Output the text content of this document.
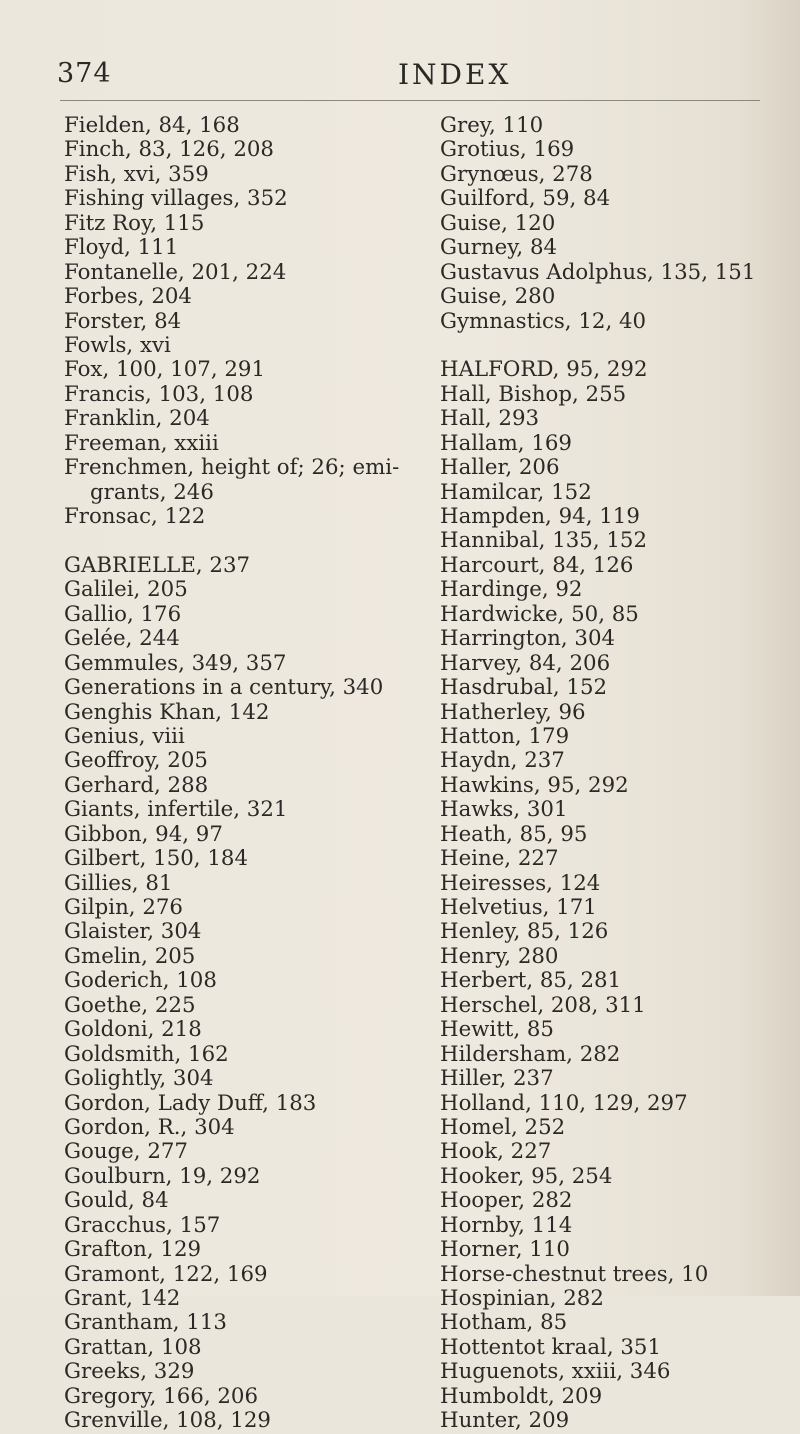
374	INDEX
Fielden, 84, 168
Finch, 83, 126, 208
Fish, xvi, 359
Fishing villages, 352
Fitz Roy, 115
Floyd, 111
Fontanelle, 201, 224
Forbes, 204
Forster, 84
Fowls, xvi
Fox, 100, 107, 291
Francis, 103, 108
Franklin, 204
Freeman, xxiii
Frenchmen, height of; 26; emi-
grants, 246
Fronsac, 122
GABRIELLE, 237
Galilei, 205
Gallio, 176
Gelée, 244
Gemmules, 349, 357
Generations in a century, 340
Genghis Khan, 142
Genius, viii
Geoffroy, 205
Gerhard, 288
Giants, infertile, 321
Gibbon, 94, 97
Gilbert, 150, 184
Gillies, 81
Gilpin, 276
Glaister, 304
Gmelin, 205
Goderich, 108
Goethe, 225
Goldoni, 218
Goldsmith, 162
Golightly, 304
Gordon, Lady Duff, 183
Gordon, R., 304
Gouge, 277
Goulburn, 19, 292
Gould, 84
Gracchus, 157
Grafton, 129
Gramont, 122, 169
Grant, 142
Grantham, 113
Grattan, 108
Greeks, 329
Gregory, 166, 206
Grenville, 108, 129
Grey, 110
Grotius, 169
Grynœus, 278
Guilford, 59, 84
Guise, 120
Gurney, 84
Gustavus Adolphus, 135, 151
Guise, 280
Gymnastics, 12, 40
HALFORD, 95, 292
Hall, Bishop, 255
Hall, 293
Hallam, 169
Haller, 206
Hamilcar, 152
Hampden, 94, 119
Hannibal, 135, 152
Harcourt, 84, 126
Hardinge, 92
Hardwicke, 50, 85
Harrington, 304
Harvey, 84, 206
Hasdrubal, 152
Hatherley, 96
Hatton, 179
Haydn, 237
Hawkins, 95, 292
Hawks, 301
Heath, 85, 95
Heine, 227
Heiresses, 124
Helvetius, 171
Henley, 85, 126
Henry, 280
Herbert, 85, 281
Herschel, 208, 311
Hewitt, 85
Hildersham, 282
Hiller, 237
Holland, 110, 129, 297
Homel, 252
Hook, 227
Hooker, 95, 254
Hooper, 282
Hornby, 114
Horner, 110
Horse-chestnut trees, 10
Hospinian, 282
Hotham, 85
Hottentot kraal, 351
Huguenots, xxiii, 346
Humboldt, 209
Hunter, 209
